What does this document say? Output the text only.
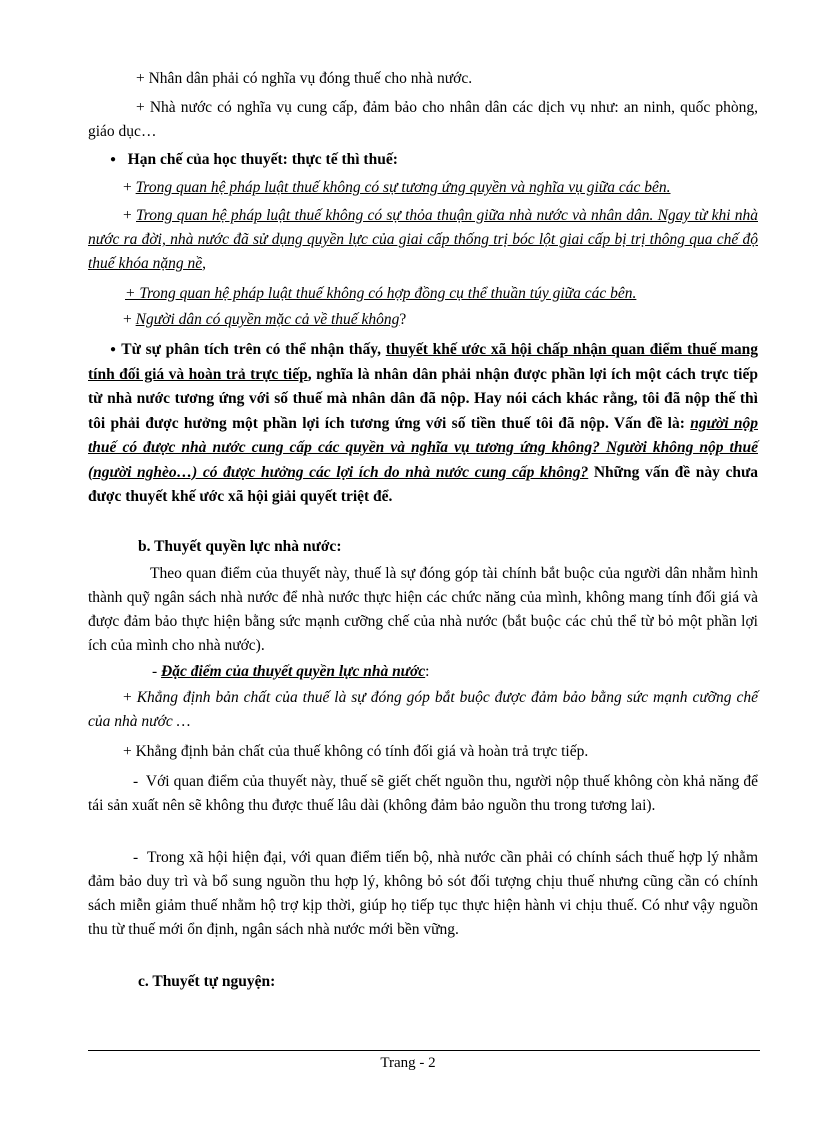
+ Nhân dân phải có nghĩa vụ đóng thuế cho nhà nước.

+ Nhà nước có nghĩa vụ cung cấp, đảm bảo cho nhân dân các dịch vụ như: an ninh, quốc phòng, giáo dục…

● Hạn chế của học thuyết: thực tế thì thuế:

+ Trong quan hệ pháp luật thuế không có sự tương ứng quyền và nghĩa vụ giữa các bên.

+ Trong quan hệ pháp luật thuế không có sự thỏa thuận giữa nhà nước và nhân dân. Ngay từ khi nhà nước ra đời, nhà nước đã sử dụng quyền lực của giai cấp thống trị bóc lột giai cấp bị trị thông qua chế độ thuế khóa nặng nề,

+ Trong quan hệ pháp luật thuế không có hợp đồng cụ thể thuần túy giữa các bên.

+ Người dân có quyền mặc cả về thuế không?

● Từ sự phân tích trên có thể nhận thấy, thuyết khế ước xã hội chấp nhận quan điểm thuế mang tính đối giá và hoàn trả trực tiếp, nghĩa là nhân dân phải nhận được phần lợi ích một cách trực tiếp từ nhà nước tương ứng với số thuế mà nhân dân đã nộp. Hay nói cách khác rằng, tôi đã nộp thế thì tôi phải được hưởng một phần lợi ích tương ứng với số tiền thuế tôi đã nộp. Vấn đề là: người nộp thuế có được nhà nước cung cấp các quyền và nghĩa vụ tương ứng không? Người không nộp thuế (người nghèo…) có được hưởng các lợi ích do nhà nước cung cấp không? Những vấn đề này chưa được thuyết khế ước xã hội giải quyết triệt để.

b. Thuyết quyền lực nhà nước:

Theo quan điểm của thuyết này, thuế là sự đóng góp tài chính bắt buộc của người dân nhằm hình thành quỹ ngân sách nhà nước để nhà nước thực hiện các chức năng của mình, không mang tính đối giá và được đảm bảo thực hiện bằng sức mạnh cưỡng chế của nhà nước (bắt buộc các chủ thể từ bỏ một phần lợi ích của mình cho nhà nước).

- Đặc điểm của thuyết quyền lực nhà nước:

+ Khẳng định bản chất của thuế là sự đóng góp bắt buộc được đảm bảo bằng sức mạnh cưỡng chế của nhà nước …

+ Khẳng định bản chất của thuế không có tính đối giá và hoàn trả trực tiếp.

- Với quan điểm của thuyết này, thuế sẽ giết chết nguồn thu, người nộp thuế không còn khả năng để tái sản xuất nên sẽ không thu được thuế lâu dài (không đảm bảo nguồn thu trong tương lai).

- Trong xã hội hiện đại, với quan điểm tiến bộ, nhà nước cần phải có chính sách thuế hợp lý nhằm đảm bảo duy trì và bổ sung nguồn thu hợp lý, không bỏ sót đối tượng chịu thuế nhưng cũng cần có chính sách miễn giảm thuế nhằm hộ trợ kịp thời, giúp họ tiếp tục thực hiện hành vi chịu thuế. Có như vậy nguồn thu từ thuế mới ổn định, ngân sách nhà nước mới bền vững.

c. Thuyết tự nguyện:

Trang - 2
